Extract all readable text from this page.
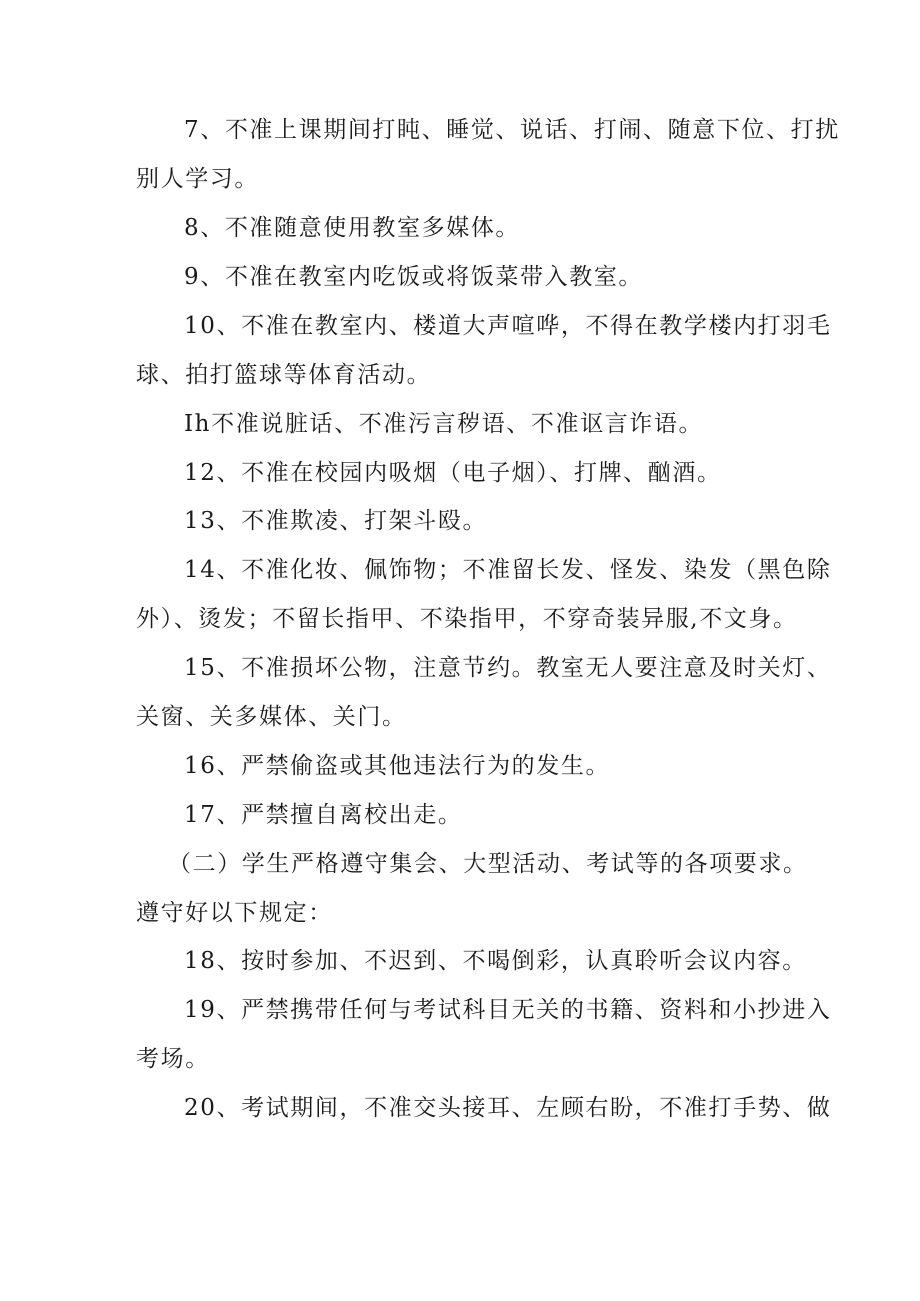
7、不准上课期间打盹、睡觉、说话、打闹、随意下位、打扰
别人学习。
8、不准随意使用教室多媒体。
9、不准在教室内吃饭或将饭菜带入教室。
10、不准在教室内、楼道大声喧哗，不得在教学楼内打羽毛
球、拍打篮球等体育活动。
Ih不准说脏话、不准污言秽语、不准讴言诈语。
12、不准在校园内吸烟（电子烟）、打牌、酗酒。
13、不准欺凌、打架斗殴。
14、不准化妆、佩饰物；不准留长发、怪发、染发（黑色除
外）、烫发；不留长指甲、不染指甲，不穿奇装异服,不文身。
15、不准损坏公物，注意节约。教室无人要注意及时关灯、
关窗、关多媒体、关门。
16、严禁偷盗或其他违法行为的发生。
17、严禁擅自离校出走。
（二）学生严格遵守集会、大型活动、考试等的各项要求。
遵守好以下规定：
18、按时参加、不迟到、不喝倒彩，认真聆听会议内容。
19、严禁携带任何与考试科目无关的书籍、资料和小抄进入
考场。
20、考试期间，不准交头接耳、左顾右盼，不准打手势、做
